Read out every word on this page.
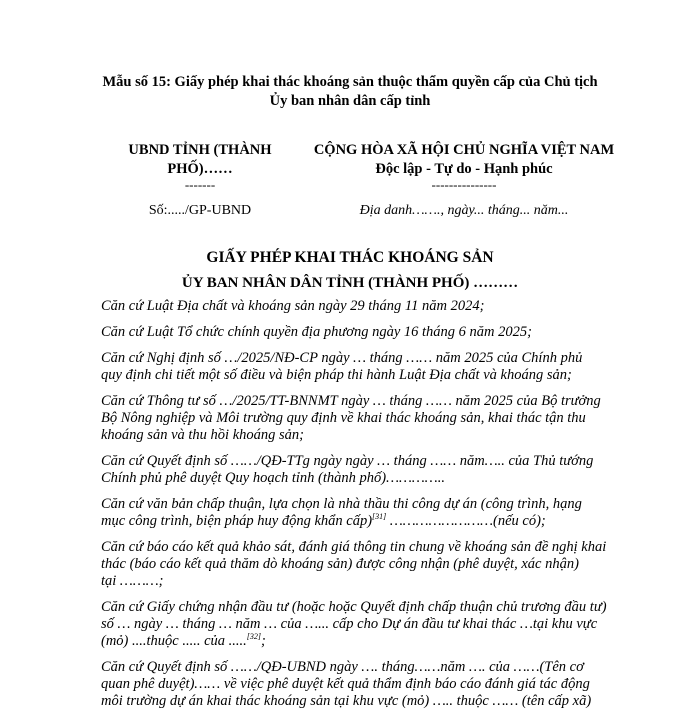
Mẫu số 15: Giấy phép khai thác khoáng sản thuộc thẩm quyền cấp của Chủ tịch
Ủy ban nhân dân cấp tỉnh
UBND TỈNH (THÀNH
PHỐ)……
-------
CỘNG HÒA XÃ HỘI CHỦ NGHĨA VIỆT NAM
Độc lập - Tự do - Hạnh phúc
---------------
Số:...../GP-UBND	Địa danh……., ngày... tháng... năm...
GIẤY PHÉP KHAI THÁC KHOÁNG SẢN
ỦY BAN NHÂN DÂN TỈNH (THÀNH PHỐ) ………
Căn cứ Luật Địa chất và khoáng sản ngày 29 tháng 11 năm 2024;
Căn cứ Luật Tổ chức chính quyền địa phương ngày 16 tháng 6 năm 2025;
Căn cứ Nghị định số …/2025/NĐ-CP ngày … tháng …… năm 2025 của Chính phủ
quy định chi tiết một số điều và biện pháp thi hành Luật Địa chất và khoáng sản;
Căn cứ Thông tư số …/2025/TT-BNNMT ngày … tháng …… năm 2025 của Bộ trưởng
Bộ Nông nghiệp và Môi trường quy định về khai thác khoáng sản, khai thác tận thu
khoáng sản và thu hồi khoáng sản;
Căn cứ Quyết định số ……/QĐ-TTg ngày ngày … tháng …… năm….. của Thủ tướng
Chính phủ phê duyệt Quy hoạch tỉnh (thành phố)…………..
Căn cứ văn bản chấp thuận, lựa chọn là nhà thầu thi công dự án (công trình, hạng
mục công trình, biện pháp huy động khẩn cấp)[31] ……………………(nếu có);
Căn cứ báo cáo kết quả khảo sát, đánh giá thông tin chung về khoáng sản đề nghị khai
thác (báo cáo kết quả thăm dò khoáng sản) được công nhận (phê duyệt, xác nhận)
tại ………;
Căn cứ Giấy chứng nhận đầu tư (hoặc hoặc Quyết định chấp thuận chủ trương đầu tư)
số … ngày … tháng … năm … của …... cấp cho Dự án đầu tư khai thác …tại khu vực
(mỏ) ....thuộc ..... của .....[32];
Căn cứ Quyết định số ……/QĐ-UBND ngày …. tháng……năm …. của ……(Tên cơ
quan phê duyệt)…… về việc phê duyệt kết quả thẩm định báo cáo đánh giá tác động
môi trường dự án khai thác khoáng sản tại khu vực (mỏ) ….. thuộc …… (tên cấp xã)
